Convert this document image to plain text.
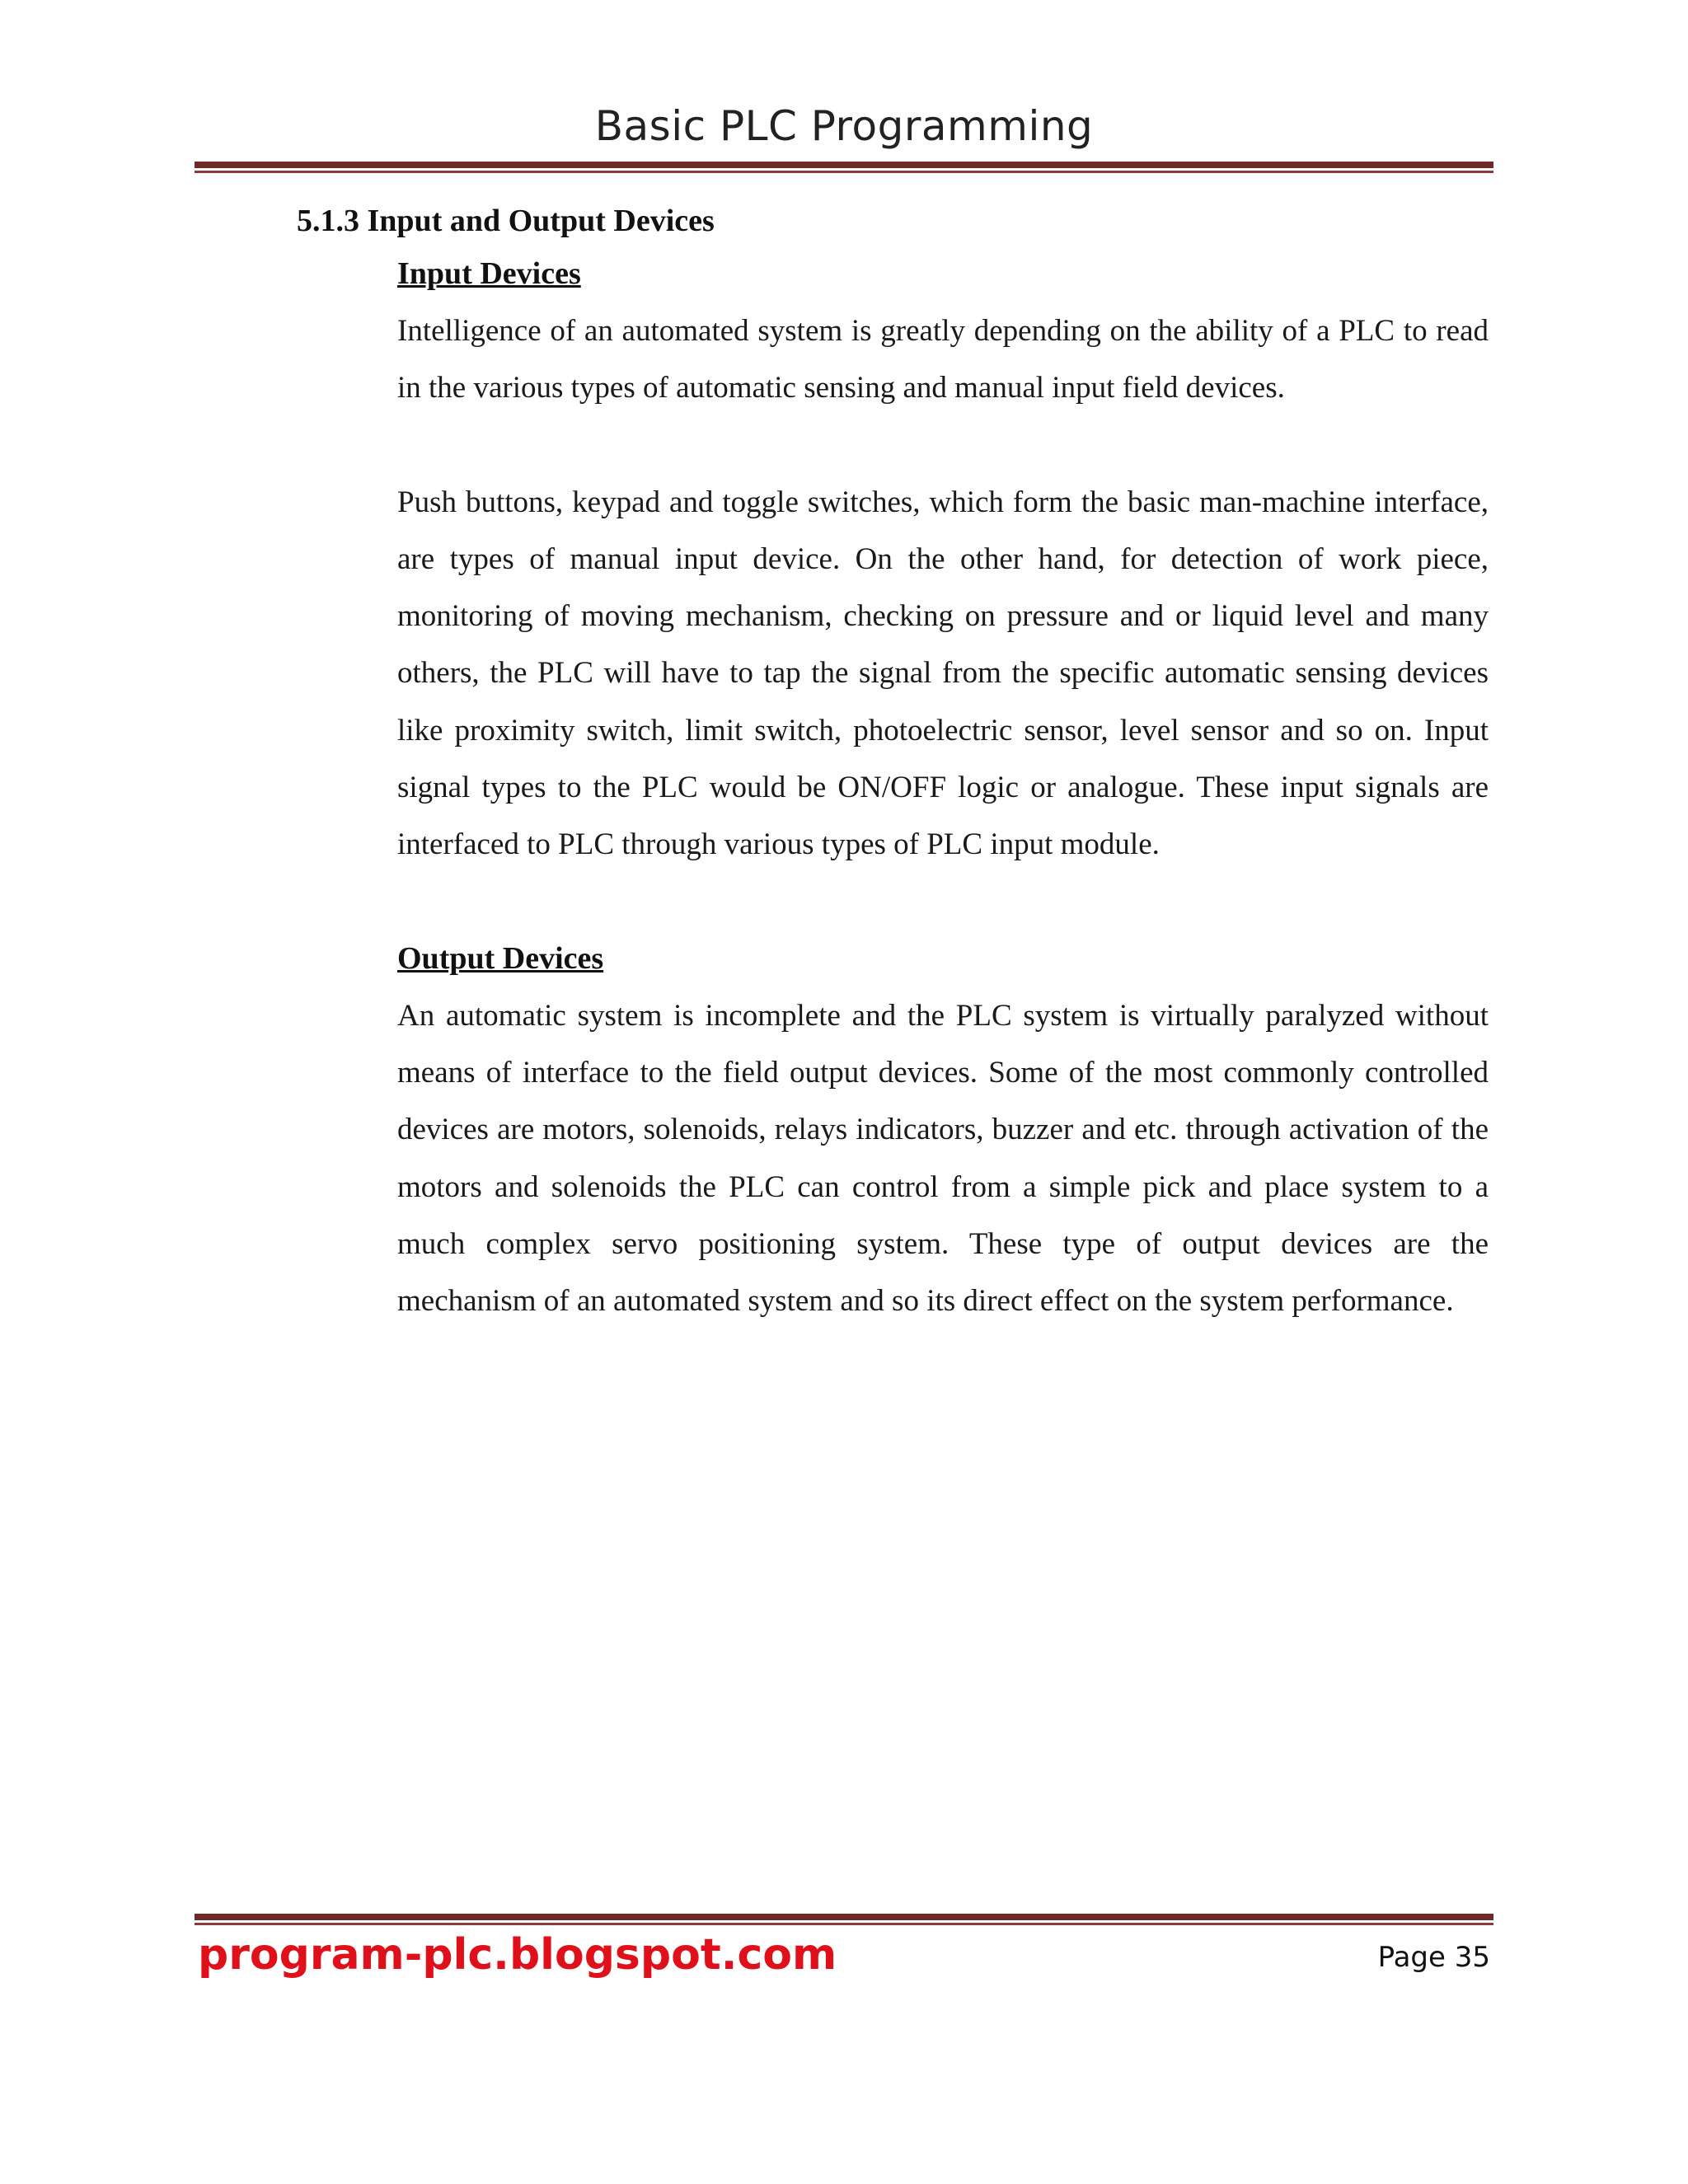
Basic PLC Programming
5.1.3 Input and Output Devices
Input Devices

Intelligence of an automated system is greatly depending on the ability of a PLC to read in the various types of automatic sensing and manual input field devices.

Push buttons, keypad and toggle switches, which form the basic man-machine interface, are types of manual input device. On the other hand, for detection of work piece, monitoring of moving mechanism, checking on pressure and or liquid level and many others, the PLC will have to tap the signal from the specific automatic sensing devices like proximity switch, limit switch, photoelectric sensor, level sensor and so on. Input signal types to the PLC would be ON/OFF logic or analogue. These input signals are interfaced to PLC through various types of PLC input module.

Output Devices

An automatic system is incomplete and the PLC system is virtually paralyzed without means of interface to the field output devices. Some of the most commonly controlled devices are motors, solenoids, relays indicators, buzzer and etc. through activation of the motors and solenoids the PLC can control from a simple pick and place system to a much complex servo positioning system. These type of output devices are the mechanism of an automated system and so its direct effect on the system performance.

program-plc.blogspot.com	Page 35
